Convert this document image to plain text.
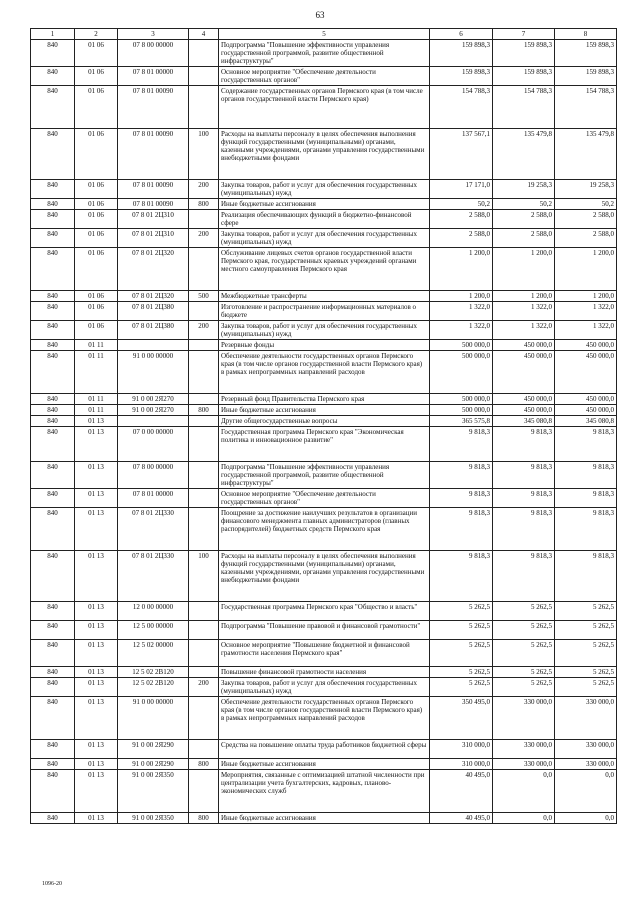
63
1	2	3	4	5	6	7	8
840	01 06	07 8 00 00000		Подпрограмма "Повышение эффективности управления государственной программой, развитие общественной инфраструктуры"	159 898,3	159 898,3	159 898,3
840	01 06	07 8 01 00000		Основное мероприятие "Обеспечение деятельности государственных органов"	159 898,3	159 898,3	159 898,3
840	01 06	07 8 01 00090		Содержание государственных органов Пермского края (в том числе органов государственной власти Пермского края)	154 788,3	154 788,3	154 788,3
840	01 06	07 8 01 00090	100	Расходы на выплаты персоналу в целях обеспечения выполнения функций государственными (муниципальными) органами, казенными учреждениями, органами управления государственными внебюджетными фондами	137 567,1	135 479,8	135 479,8
840	01 06	07 8 01 00090	200	Закупка товаров, работ и услуг для обеспечения государственных (муниципальных) нужд	17 171,0	19 258,3	19 258,3
840	01 06	07 8 01 00090	800	Иные бюджетные ассигнования	50,2	50,2	50,2
840	01 06	07 8 01 2Ц310		Реализация обеспечивающих функций в бюджетно-финансовой сфере	2 588,0	2 588,0	2 588,0
840	01 06	07 8 01 2Ц310	200	Закупка товаров, работ и услуг для обеспечения государственных (муниципальных) нужд	2 588,0	2 588,0	2 588,0
840	01 06	07 8 01 2Ц320		Обслуживание лицевых счетов органов государственной власти Пермского края, государственных краевых учреждений органами местного самоуправления Пермского края	1 200,0	1 200,0	1 200,0
840	01 06	07 8 01 2Ц320	500	Межбюджетные трансферты	1 200,0	1 200,0	1 200,0
840	01 06	07 8 01 2Ц380		Изготовление и распространение информационных материалов о бюджете	1 322,0	1 322,0	1 322,0
840	01 06	07 8 01 2Ц380	200	Закупка товаров, работ и услуг для обеспечения государственных (муниципальных) нужд	1 322,0	1 322,0	1 322,0
840	01 11			Резервные фонды	500 000,0	450 000,0	450 000,0
840	01 11	91 0 00 00000		Обеспечение деятельности государственных органов Пермского края (в том числе органов государственной власти Пермского края) в рамках непрограммных направлений расходов	500 000,0	450 000,0	450 000,0
840	01 11	91 0 00 2Я270		Резервный фонд Правительства Пермского края	500 000,0	450 000,0	450 000,0
840	01 11	91 0 00 2Я270	800	Иные бюджетные ассигнования	500 000,0	450 000,0	450 000,0
840	01 13			Другие общегосударственные вопросы	365 575,8	345 080,8	345 080,8
840	01 13	07 0 00 00000		Государственная программа Пермского края "Экономическая политика и инновационное развитие"	9 818,3	9 818,3	9 818,3
840	01 13	07 8 00 00000		Подпрограмма "Повышение эффективности управления государственной программой, развитие общественной инфраструктуры"	9 818,3	9 818,3	9 818,3
840	01 13	07 8 01 00000		Основное мероприятие "Обеспечение деятельности государственных органов"	9 818,3	9 818,3	9 818,3
840	01 13	07 8 01 2Ц330		Поощрение за достижение наилучших результатов в организации финансового менеджмента главных администраторов (главных распорядителей) бюджетных средств Пермского края	9 818,3	9 818,3	9 818,3
840	01 13	07 8 01 2Ц330	100	Расходы на выплаты персоналу в целях обеспечения выполнения функций государственными (муниципальными) органами, казенными учреждениями, органами управления государственными внебюджетными фондами	9 818,3	9 818,3	9 818,3
840	01 13	12 0 00 00000		Государственная программа Пермского края "Общество и власть"	5 262,5	5 262,5	5 262,5
840	01 13	12 5 00 00000		Подпрограмма "Повышение правовой и финансовой грамотности"	5 262,5	5 262,5	5 262,5
840	01 13	12 5 02 00000		Основное мероприятие "Повышение бюджетной и финансовой грамотности населения Пермского края"	5 262,5	5 262,5	5 262,5
840	01 13	12 5 02 2В120		Повышение финансовой грамотности населения	5 262,5	5 262,5	5 262,5
840	01 13	12 5 02 2В120	200	Закупка товаров, работ и услуг для обеспечения государственных (муниципальных) нужд	5 262,5	5 262,5	5 262,5
840	01 13	91 0 00 00000		Обеспечение деятельности государственных органов Пермского края (в том числе органов государственной власти Пермского края) в рамках непрограммных направлений расходов	350 495,0	330 000,0	330 000,0
840	01 13	91 0 00 2Я290		Средства на повышение оплаты труда работников бюджетной сферы	310 000,0	330 000,0	330 000,0
840	01 13	91 0 00 2Я290	800	Иные бюджетные ассигнования	310 000,0	330 000,0	330 000,0
840	01 13	91 0 00 2Я350		Мероприятия, связанные с оптимизацией штатной численности при централизации учета бухгалтерских, кадровых, планово-экономических служб	40 495,0	0,0	0,0
840	01 13	91 0 00 2Я350	800	Иные бюджетные ассигнования	40 495,0	0,0	0,0
1096-20
